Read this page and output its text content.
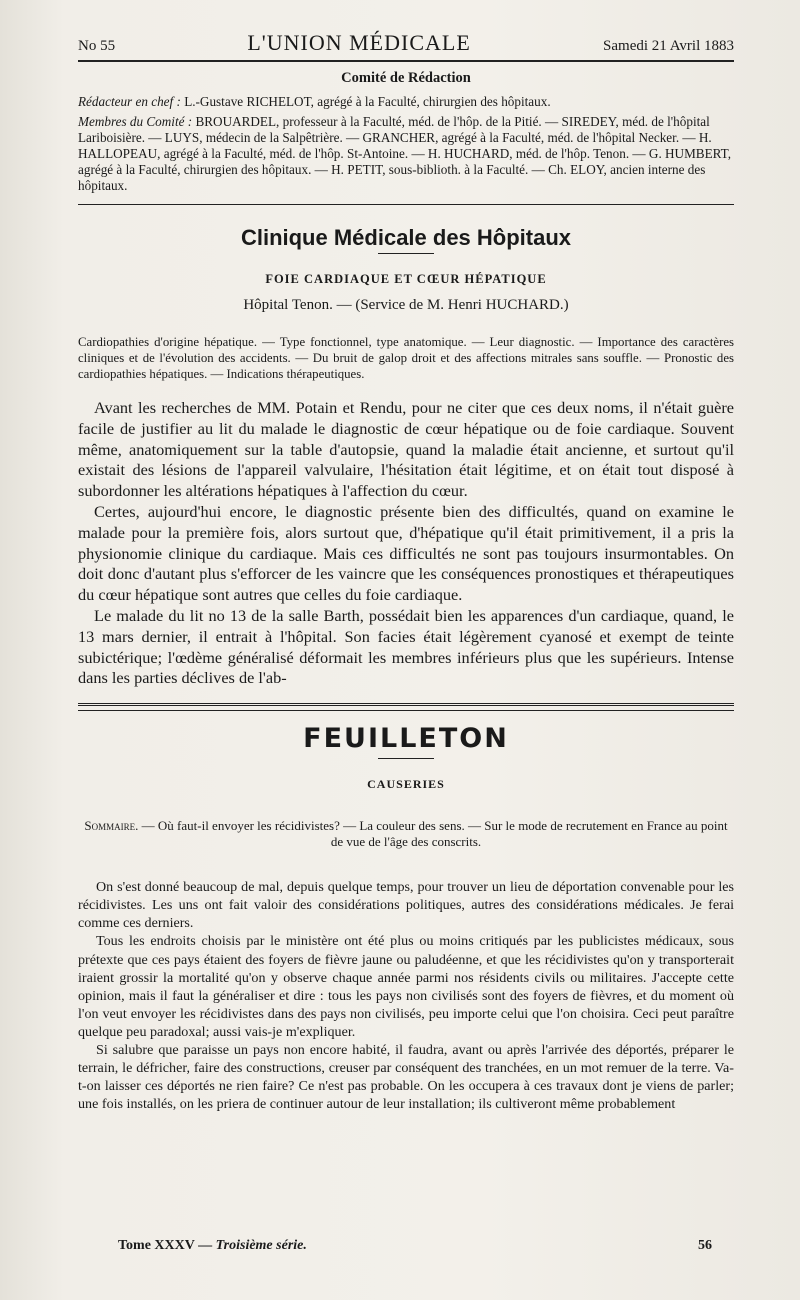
No 55	L'UNION MÉDICALE	Samedi 21 Avril 1883
Comité de Rédaction

Rédacteur en chef : L.-Gustave RICHELOT, agrégé à la Faculté, chirurgien des hôpitaux.

Membres du Comité : BROUARDEL, professeur à la Faculté, méd. de l'hôp. de la Pitié. — SIREDEY, méd. de l'hôpital Lariboisière. — LUYS, médecin de la Salpêtrière. — GRANCHER, agrégé à la Faculté, méd. de l'hôpital Necker. — H. HALLOPEAU, agrégé à la Faculté, méd. de l'hôp. St-Antoine. — H. HUCHARD, méd. de l'hôp. Tenon. — G. HUMBERT, agrégé à la Faculté, chirurgien des hôpitaux. — H. PETIT, sous-biblioth. à la Faculté. — Ch. ELOY, ancien interne des hôpitaux.

Clinique Médicale des Hôpitaux
FOIE CARDIAQUE ET CŒUR HÉPATIQUE
Hôpital Tenon. — (Service de M. Henri HUCHARD.)
Cardiopathies d'origine hépatique. — Type fonctionnel, type anatomique. — Leur diagnostic. — Importance des caractères cliniques et de l'évolution des accidents. — Du bruit de galop droit et des affections mitrales sans souffle. — Pronostic des cardiopathies hépatiques. — Indications thérapeutiques.

Avant les recherches de MM. Potain et Rendu, pour ne citer que ces deux noms, il n'était guère facile de justifier au lit du malade le diagnostic de cœur hépatique ou de foie cardiaque. Souvent même, anatomiquement sur la table d'autopsie, quand la maladie était ancienne, et surtout qu'il existait des lésions de l'appareil valvulaire, l'hésitation était légitime, et on était tout disposé à subordonner les altérations hépatiques à l'affection du cœur.

Certes, aujourd'hui encore, le diagnostic présente bien des difficultés, quand on examine le malade pour la première fois, alors surtout que, d'hépatique qu'il était primitivement, il a pris la physionomie clinique du cardiaque. Mais ces difficultés ne sont pas toujours insurmontables. On doit donc d'autant plus s'efforcer de les vaincre que les conséquences pronostiques et thérapeutiques du cœur hépatique sont autres que celles du foie cardiaque.

Le malade du lit no 13 de la salle Barth, possédait bien les apparences d'un cardiaque, quand, le 13 mars dernier, il entrait à l'hôpital. Son facies était légèrement cyanosé et exempt de teinte subictérique; l'œdème généralisé déformait les membres inférieurs plus que les supérieurs. Intense dans les parties déclives de l'ab-

FEUILLETON
CAUSERIES
Sommaire. — Où faut-il envoyer les récidivistes? — La couleur des sens. — Sur le mode de recrutement en France au point de vue de l'âge des conscrits.

On s'est donné beaucoup de mal, depuis quelque temps, pour trouver un lieu de déportation convenable pour les récidivistes. Les uns ont fait valoir des considérations politiques, autres des considérations médicales. Je ferai comme ces derniers.

Tous les endroits choisis par le ministère ont été plus ou moins critiqués par les publicistes médicaux, sous prétexte que ces pays étaient des foyers de fièvre jaune ou paludéenne, et que les récidivistes qu'on y transporterait iraient grossir la mortalité qu'on y observe chaque année parmi nos résidents civils ou militaires. J'accepte cette opinion, mais il faut la généraliser et dire : tous les pays non civilisés sont des foyers de fièvres, et du moment où l'on veut envoyer les récidivistes dans des pays non civilisés, peu importe celui que l'on choisira. Ceci peut paraître quelque peu paradoxal; aussi vais-je m'expliquer.

Si salubre que paraisse un pays non encore habité, il faudra, avant ou après l'arrivée des déportés, préparer le terrain, le défricher, faire des constructions, creuser par conséquent des tranchées, en un mot remuer de la terre. Va-t-on laisser ces déportés ne rien faire? Ce n'est pas probable. On les occupera à ces travaux dont je viens de parler; une fois installés, on les priera de continuer autour de leur installation; ils cultiveront même probablement

Tome XXXV — Troisième série.	56
